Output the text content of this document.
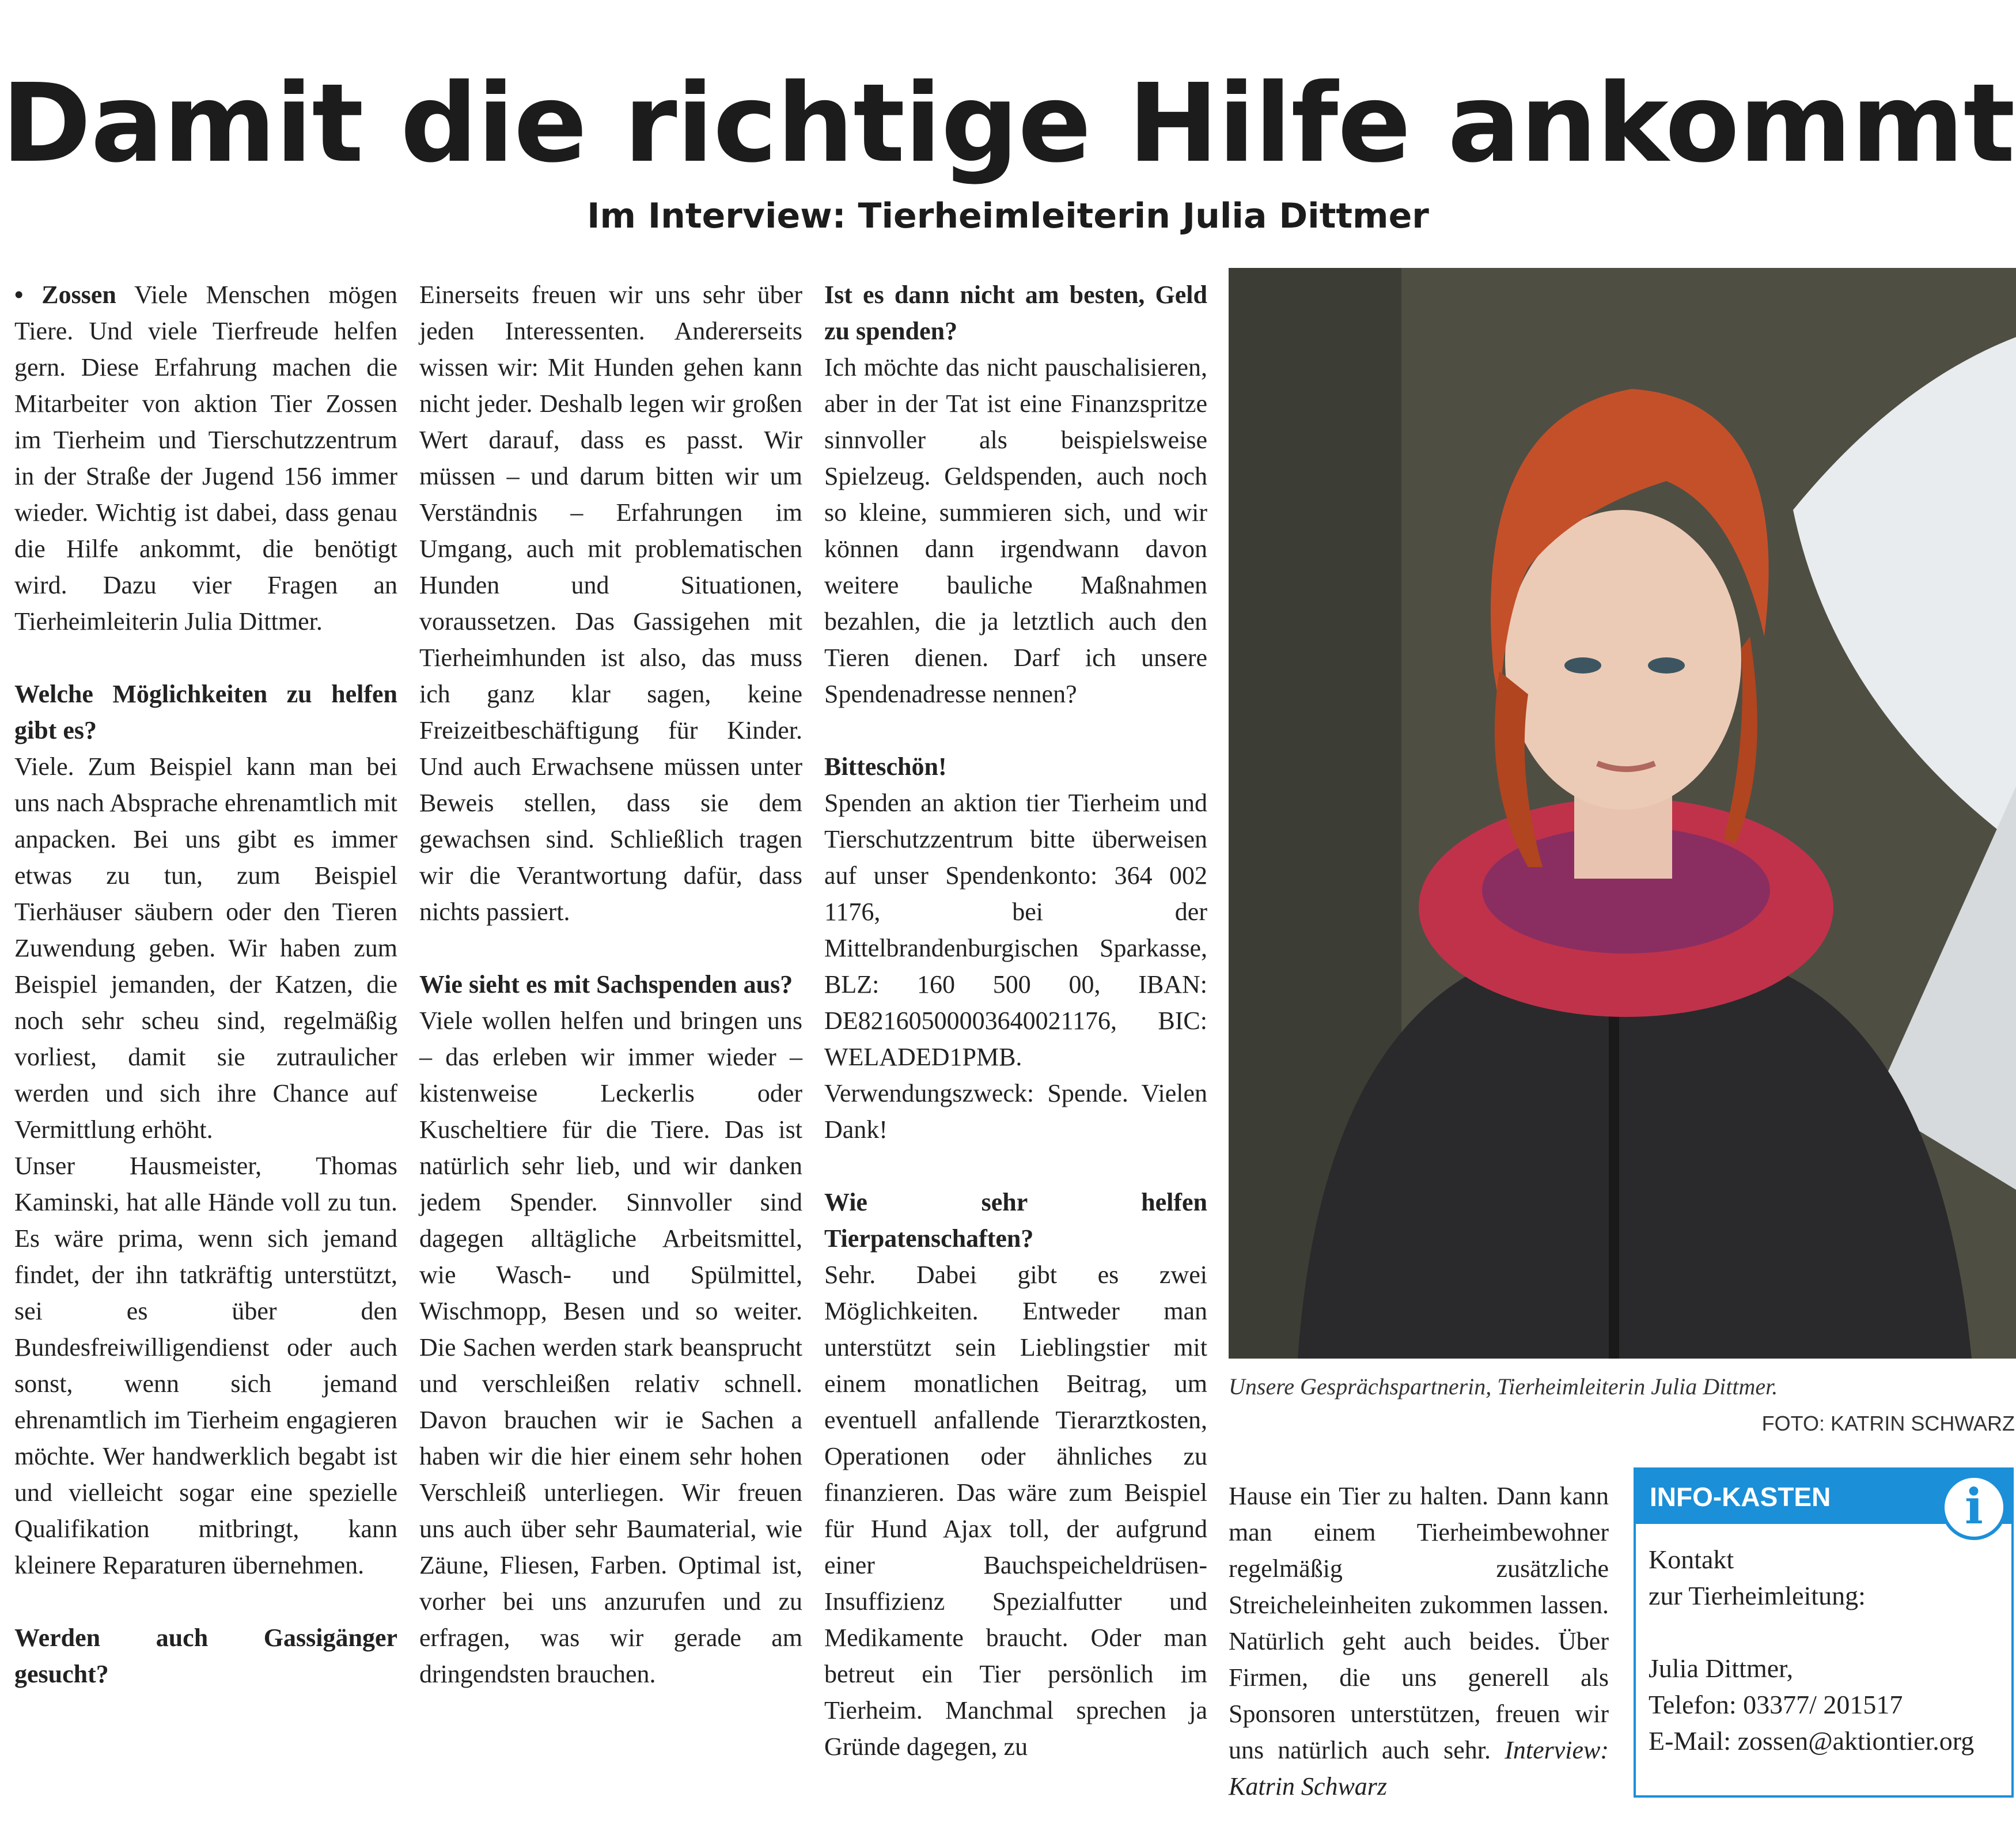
Damit die richtige Hilfe ankommt
Im Interview: Tierheimleiterin Julia Dittmer

• Zossen Viele Menschen mögen Tiere. Und viele Tierfreude helfen gern. Diese Erfahrung machen die Mitarbeiter von aktion Tier Zossen im Tierheim und Tierschutzzentrum in der Straße der Jugend 156 immer wieder. Wichtig ist dabei, dass genau die Hilfe ankommt, die benötigt wird. Dazu vier Fragen an Tierheimleiterin Julia Dittmer.

Welche Möglichkeiten zu helfen gibt es?

Viele. Zum Beispiel kann man bei uns nach Absprache ehrenamtlich mit anpacken. Bei uns gibt es immer etwas zu tun, zum Beispiel Tierhäuser säubern oder den Tieren Zuwendung geben. Wir haben zum Beispiel jemanden, der Katzen, die noch sehr scheu sind, regelmäßig vorliest, damit sie zutraulicher werden und sich ihre Chance auf Vermittlung erhöht.

Unser Hausmeister, Thomas Kaminski, hat alle Hände voll zu tun. Es wäre prima, wenn sich jemand findet, der ihn tatkräftig unterstützt, sei es über den Bundesfreiwilligendienst oder auch sonst, wenn sich jemand ehrenamtlich im Tierheim engagieren möchte. Wer handwerklich begabt ist und vielleicht sogar eine spezielle Qualifikation mitbringt, kann kleinere Reparaturen übernehmen.

Werden auch Gassigänger gesucht?

Einerseits freuen wir uns sehr über jeden Interessenten. Andererseits wissen wir: Mit Hunden gehen kann nicht jeder. Deshalb legen wir großen Wert darauf, dass es passt. Wir müssen – und darum bitten wir um Verständnis – Erfahrungen im Umgang, auch mit problematischen Hunden und Situationen, voraussetzen. Das Gassigehen mit Tierheimhunden ist also, das muss ich ganz klar sagen, keine Freizeitbeschäftigung für Kinder. Und auch Erwachsene müssen unter Beweis stellen, dass sie dem gewachsen sind. Schließlich tragen wir die Verantwortung dafür, dass nichts passiert.

Wie sieht es mit Sachspenden aus?

Viele wollen helfen und bringen uns – das erleben wir immer wieder – kistenweise Leckerlis oder Kuscheltiere für die Tiere. Das ist natürlich sehr lieb, und wir danken jedem Spender. Sinnvoller sind dagegen alltägliche Arbeitsmittel, wie Wasch- und Spülmittel, Wischmopp, Besen und so weiter. Die Sachen werden stark beansprucht und verschleißen relativ schnell. Davon brauchen wir ie Sachen a haben wir die hier einem sehr hohen Verschleiß unterliegen. Wir freuen uns auch über sehr Baumaterial, wie Zäune, Fliesen, Farben. Optimal ist, vorher bei uns anzurufen und zu erfragen, was wir gerade am dringendsten brauchen.

Ist es dann nicht am besten, Geld zu spenden?

Ich möchte das nicht pauschalisieren, aber in der Tat ist eine Finanzspritze sinnvoller als beispielsweise Spielzeug. Geldspenden, auch noch so kleine, summieren sich, und wir können dann irgendwann davon weitere bauliche Maßnahmen bezahlen, die ja letztlich auch den Tieren dienen. Darf ich unsere Spendenadresse nennen?

Bitteschön!

Spenden an aktion tier Tierheim und Tierschutzzentrum bitte überweisen auf unser Spendenkonto: 364 002 1176, bei der Mittelbrandenburgischen Sparkasse, BLZ: 160 500 00, IBAN: DE82160500003640021176, BIC: WELADED1PMB. Verwendungszweck: Spende. Vielen Dank!

Wie sehr helfen Tierpatenschaften?

Sehr. Dabei gibt es zwei Möglichkeiten. Entweder man unterstützt sein Lieblingstier mit einem monatlichen Beitrag, um eventuell anfallende Tierarztkosten, Operationen oder ähnliches zu finanzieren. Das wäre zum Beispiel für Hund Ajax toll, der aufgrund einer Bauchspeicheldrüsen-Insuffizienz Spezialfutter und Medikamente braucht. Oder man betreut ein Tier persönlich im Tierheim. Manchmal sprechen ja Gründe dagegen, zu

Unsere Gesprächspartnerin, Tierheimleiterin Julia Dittmer.
FOTO: KATRIN SCHWARZ

Hause ein Tier zu halten. Dann kann man einem Tierheimbewohner regelmäßig zusätzliche Streicheleinheiten zukommen lassen. Natürlich geht auch beides. Über Firmen, die uns generell als Sponsoren unterstützen, freuen wir uns natürlich auch sehr. Interview: Katrin Schwarz

INFO-KASTEN	i
Kontakt
zur Tierheimleitung:
Julia Dittmer,
Telefon: 03377/ 201517
E-Mail: zossen@aktiontier.org
